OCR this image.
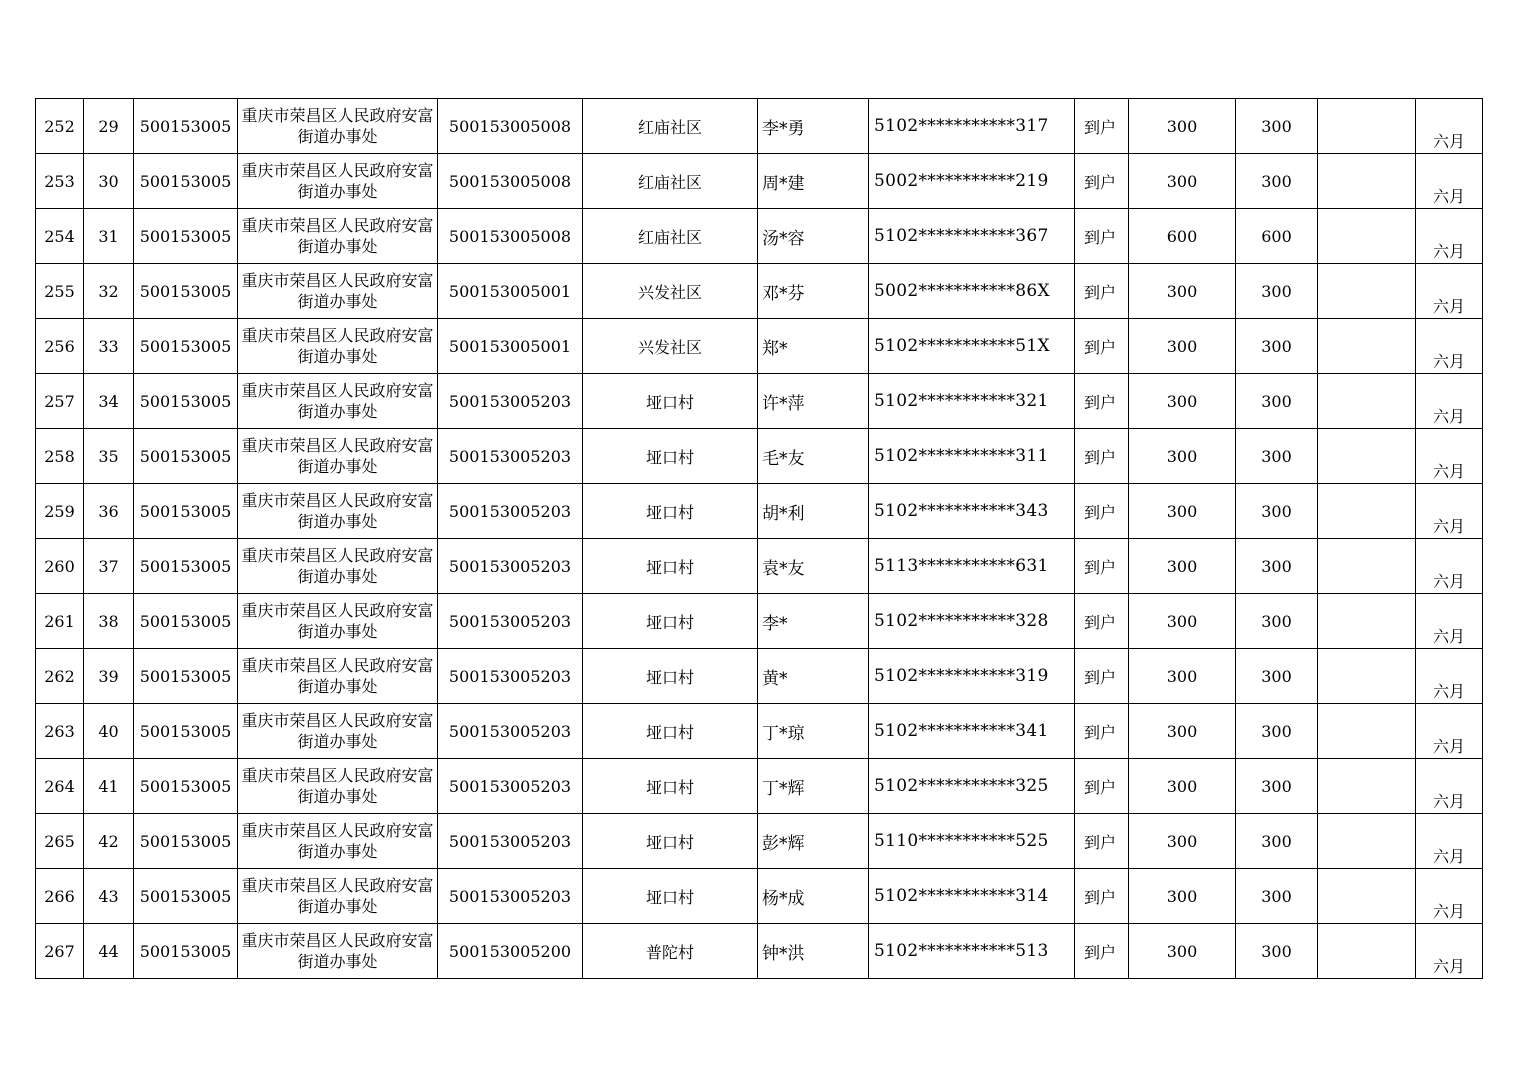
252	29	500153005	重庆市荣昌区人民政府安富街道办事处	500153005008	红庙社区	李*勇	5102***********317	到户	300	300		六月
253	30	500153005	重庆市荣昌区人民政府安富街道办事处	500153005008	红庙社区	周*建	5002***********219	到户	300	300		六月
254	31	500153005	重庆市荣昌区人民政府安富街道办事处	500153005008	红庙社区	汤*容	5102***********367	到户	600	600		六月
255	32	500153005	重庆市荣昌区人民政府安富街道办事处	500153005001	兴发社区	邓*芬	5002***********86X	到户	300	300		六月
256	33	500153005	重庆市荣昌区人民政府安富街道办事处	500153005001	兴发社区	郑*	5102***********51X	到户	300	300		六月
257	34	500153005	重庆市荣昌区人民政府安富街道办事处	500153005203	垭口村	许*萍	5102***********321	到户	300	300		六月
258	35	500153005	重庆市荣昌区人民政府安富街道办事处	500153005203	垭口村	毛*友	5102***********311	到户	300	300		六月
259	36	500153005	重庆市荣昌区人民政府安富街道办事处	500153005203	垭口村	胡*利	5102***********343	到户	300	300		六月
260	37	500153005	重庆市荣昌区人民政府安富街道办事处	500153005203	垭口村	袁*友	5113***********631	到户	300	300		六月
261	38	500153005	重庆市荣昌区人民政府安富街道办事处	500153005203	垭口村	李*	5102***********328	到户	300	300		六月
262	39	500153005	重庆市荣昌区人民政府安富街道办事处	500153005203	垭口村	黄*	5102***********319	到户	300	300		六月
263	40	500153005	重庆市荣昌区人民政府安富街道办事处	500153005203	垭口村	丁*琼	5102***********341	到户	300	300		六月
264	41	500153005	重庆市荣昌区人民政府安富街道办事处	500153005203	垭口村	丁*辉	5102***********325	到户	300	300		六月
265	42	500153005	重庆市荣昌区人民政府安富街道办事处	500153005203	垭口村	彭*辉	5110***********525	到户	300	300		六月
266	43	500153005	重庆市荣昌区人民政府安富街道办事处	500153005203	垭口村	杨*成	5102***********314	到户	300	300		六月
267	44	500153005	重庆市荣昌区人民政府安富街道办事处	500153005200	普陀村	钟*洪	5102***********513	到户	300	300		六月
